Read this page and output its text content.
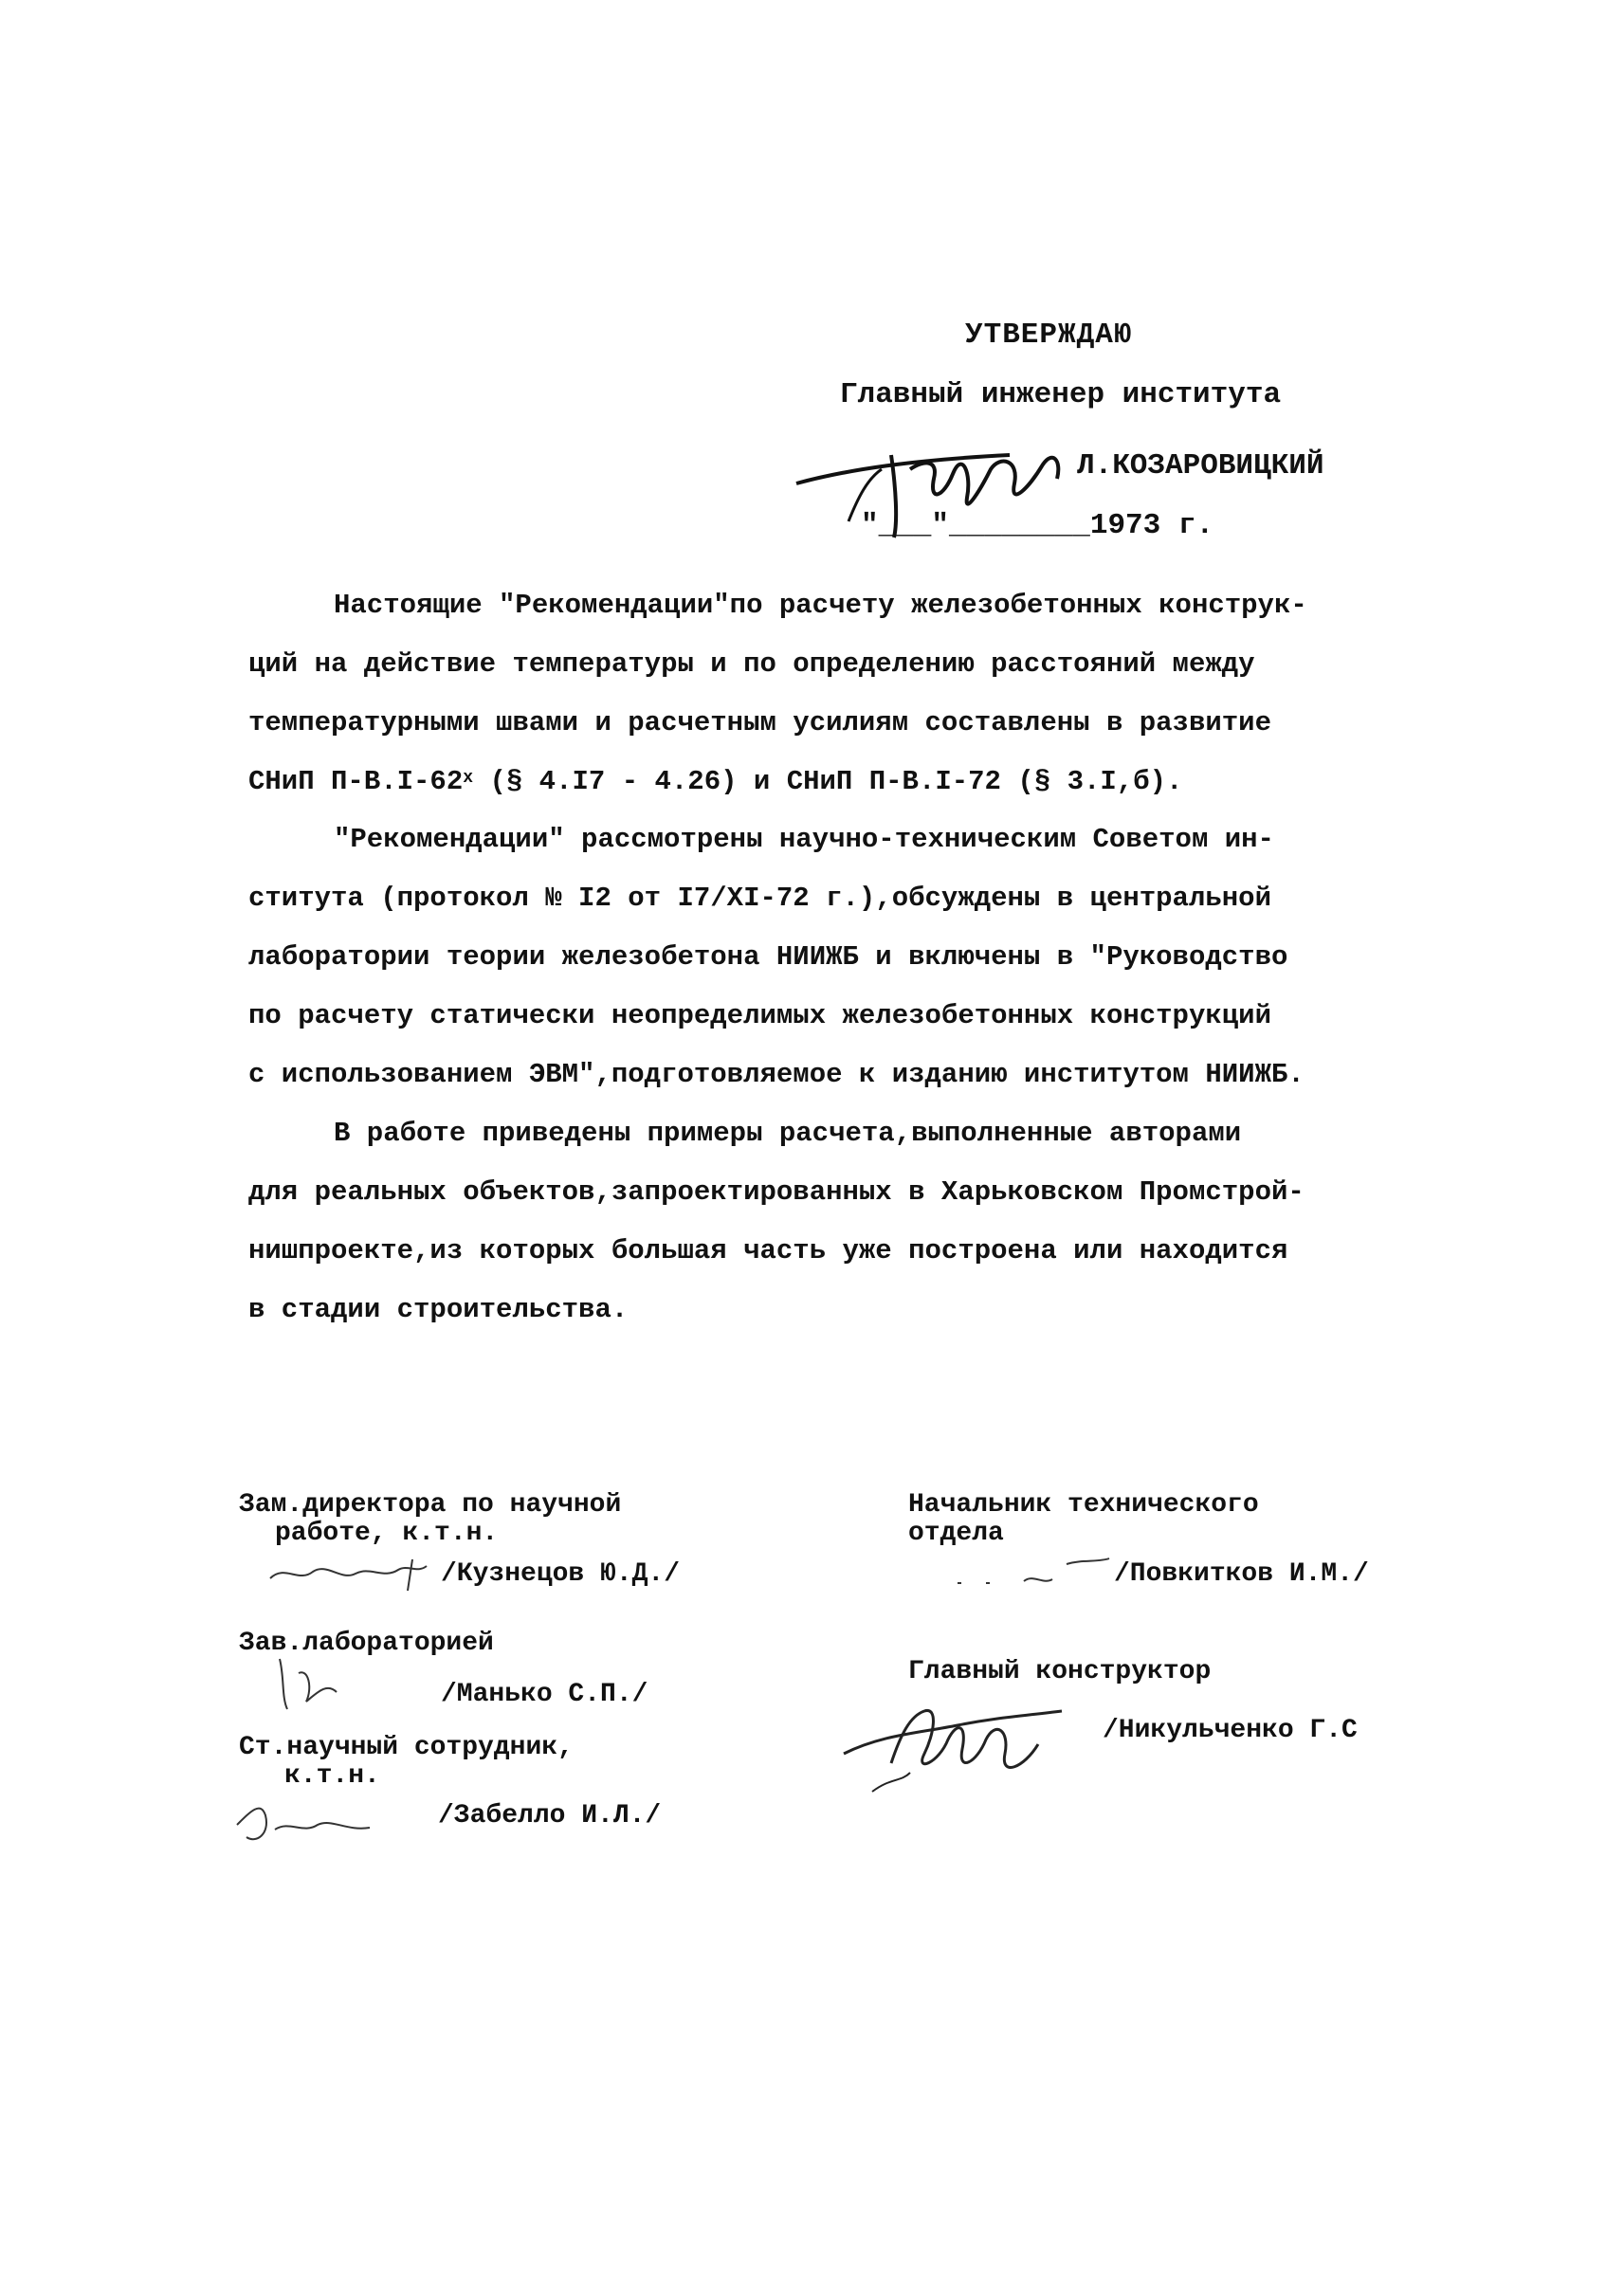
УТВЕРЖДАЮ
Главный инженер института
Л.КОЗАРОВИЦКИЙ
"___"________1973 г.
Настоящие "Рекомендации"по расчету железобетонных конструк-
ций на действие температуры и по определению расстояний между
температурными швами и расчетным усилиям составлены в развитие
СНиП $П-В.I-62^х$ (§ 4.I7 - 4.26) и СНиП П-В.I-72 (§ 3.I,б).
"Рекомендации" рассмотрены научно-техническим Советом ин-
ститута (протокол № I2 от I7/XI-72 г.),обсуждены в центральной
лаборатории теории железобетона НИИЖБ и включены в "Руководство
по расчету статически неопределимых железобетонных конструкций
с использованием ЭВМ",подготовляемое к изданию институтом НИИЖБ.
В работе приведены примеры расчета,выполненные авторами
для реальных объектов,запроектированных в Харьковском Промстрой-
нишпроекте,из которых большая часть уже построена или находится
в стадии строительства.
Зам.директора по научной
работе, к.т.н.
/Кузнецов Ю.Д./
Зав.лабораторией
/Манько С.П./
Ст.научный сотрудник,
к.т.н.
/Забелло И.Л./
Начальник технического
отдела
/Повкитков И.М./
Главный конструктор
/Никульченко Г.С
